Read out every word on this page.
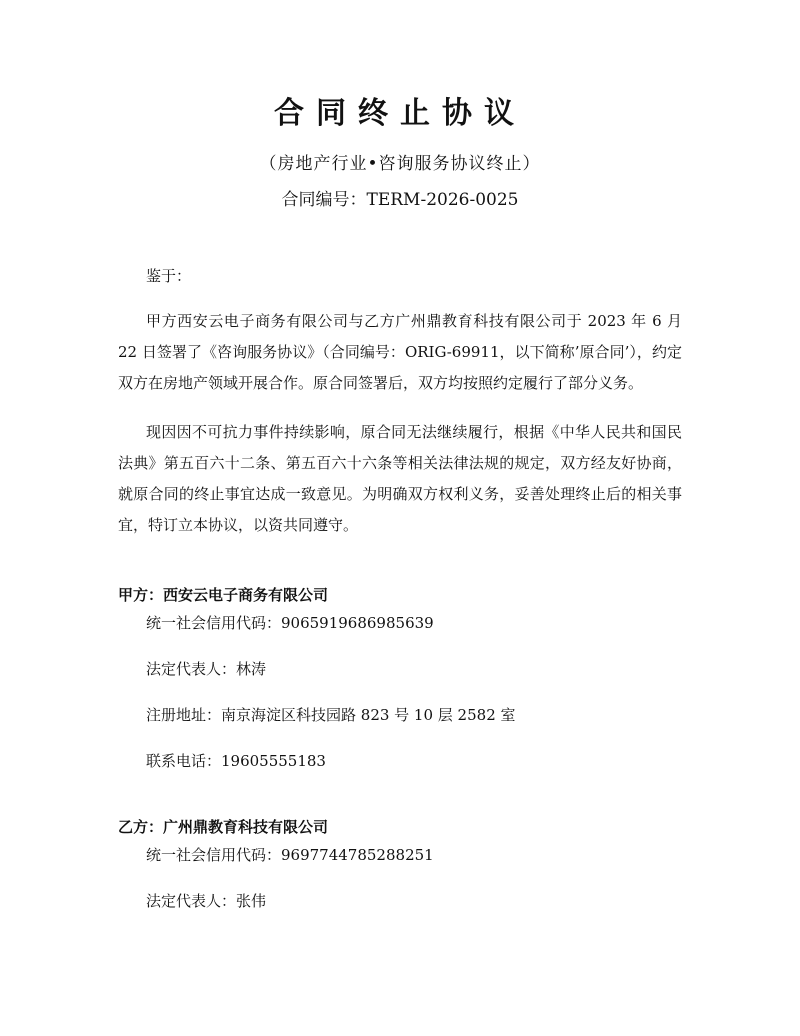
合同终止协议
（房地产行业•咨询服务协议终止）
合同编号：TERM-2026-0025
鉴于：
甲方西安云电子商务有限公司与乙方广州鼎教育科技有限公司于 2023 年 6 月 22 日签署了《咨询服务协议》（合同编号：ORIG-69911，以下简称’原合同’），约定双方在房地产领域开展合作。原合同签署后，双方均按照约定履行了部分义务。
现因因不可抗力事件持续影响，原合同无法继续履行，根据《中华人民共和国民法典》第五百六十二条、第五百六十六条等相关法律法规的规定，双方经友好协商，就原合同的终止事宜达成一致意见。为明确双方权利义务，妥善处理终止后的相关事宜，特订立本协议，以资共同遵守。
甲方：西安云电子商务有限公司
统一社会信用代码：9065919686985639
法定代表人：林涛
注册地址：南京海淀区科技园路 823 号 10 层 2582 室
联系电话：19605555183
乙方：广州鼎教育科技有限公司
统一社会信用代码：9697744785288251
法定代表人：张伟
